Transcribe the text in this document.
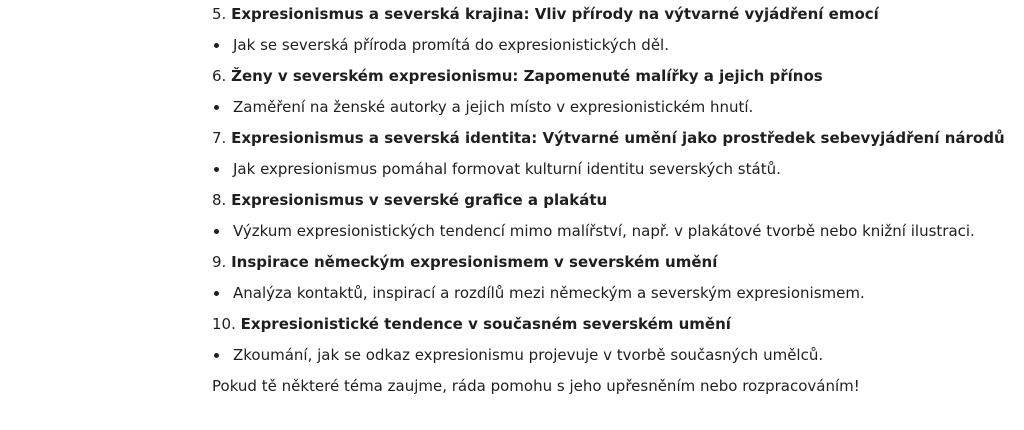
5. Expresionismus a severská krajina: Vliv přírody na výtvarné vyjádření emocí
Jak se severská příroda promítá do expresionistických děl.
6. Ženy v severském expresionismu: Zapomenuté malířky a jejich přínos
Zaměření na ženské autorky a jejich místo v expresionistickém hnutí.
7. Expresionismus a severská identita: Výtvarné umění jako prostředek sebevyjádření národů
Jak expresionismus pomáhal formovat kulturní identitu severských států.
8. Expresionismus v severské grafice a plakátu
Výzkum expresionistických tendencí mimo malířství, např. v plakátové tvorbě nebo knižní ilustraci.
9. Inspirace německým expresionismem v severském umění
Analýza kontaktů, inspirací a rozdílů mezi německým a severským expresionismem.
10. Expresionistické tendence v současném severském umění
Zkoumání, jak se odkaz expresionismu projevuje v tvorbě současných umělců.
Pokud tě některé téma zaujme, ráda pomohu s jeho upřesněním nebo rozpracováním!
